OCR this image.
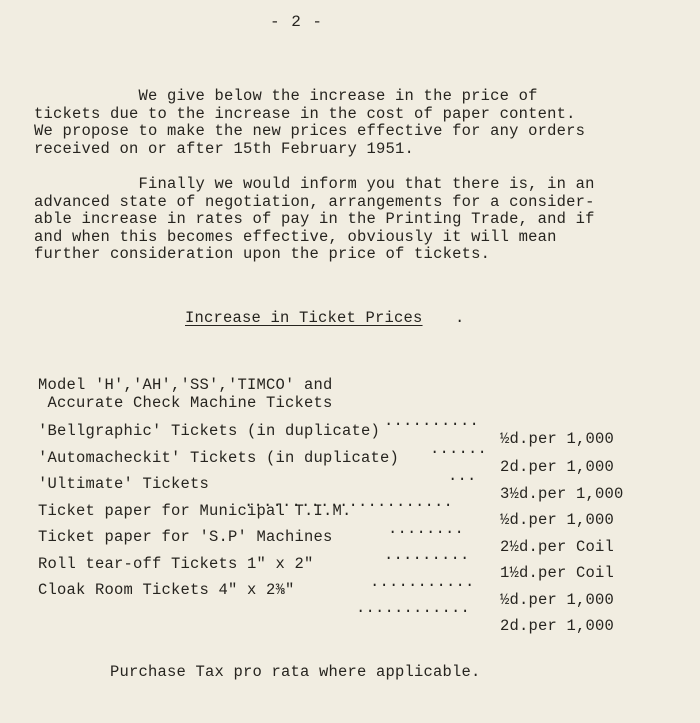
- 2 -
We give below the increase in the price of
tickets due to the increase in the cost of paper content.
We propose to make the new prices effective for any orders
received on or after 15th February 1951.
Finally we would inform you that there is, in an
advanced state of negotiation, arrangements for a consider-
able increase in rates of pay in the Printing Trade, and if
and when this becomes effective, obviously it will mean
further consideration upon the price of tickets.
Increase in Ticket Prices .

Model 'H','AH','SS','TIMCO' and

Accurate Check Machine Tickets

..........

½d.per 1,000

'Bellgraphic' Tickets (in duplicate)

......

2d.per 1,000

'Automacheckit' Tickets (in duplicate)

...

3½d.per 1,000

'Ultimate' Tickets

......................

½d.per 1,000

Ticket paper for Municipal T.I.M.

........

2½d.per Coil

Ticket paper for 'S.P' Machines

.........

1½d.per Coil

Roll tear-off Tickets 1" x 2"

...........

½d.per 1,000

Cloak Room Tickets 4" x 2⅜"

............

2d.per 1,000

Purchase Tax pro rata where applicable.
